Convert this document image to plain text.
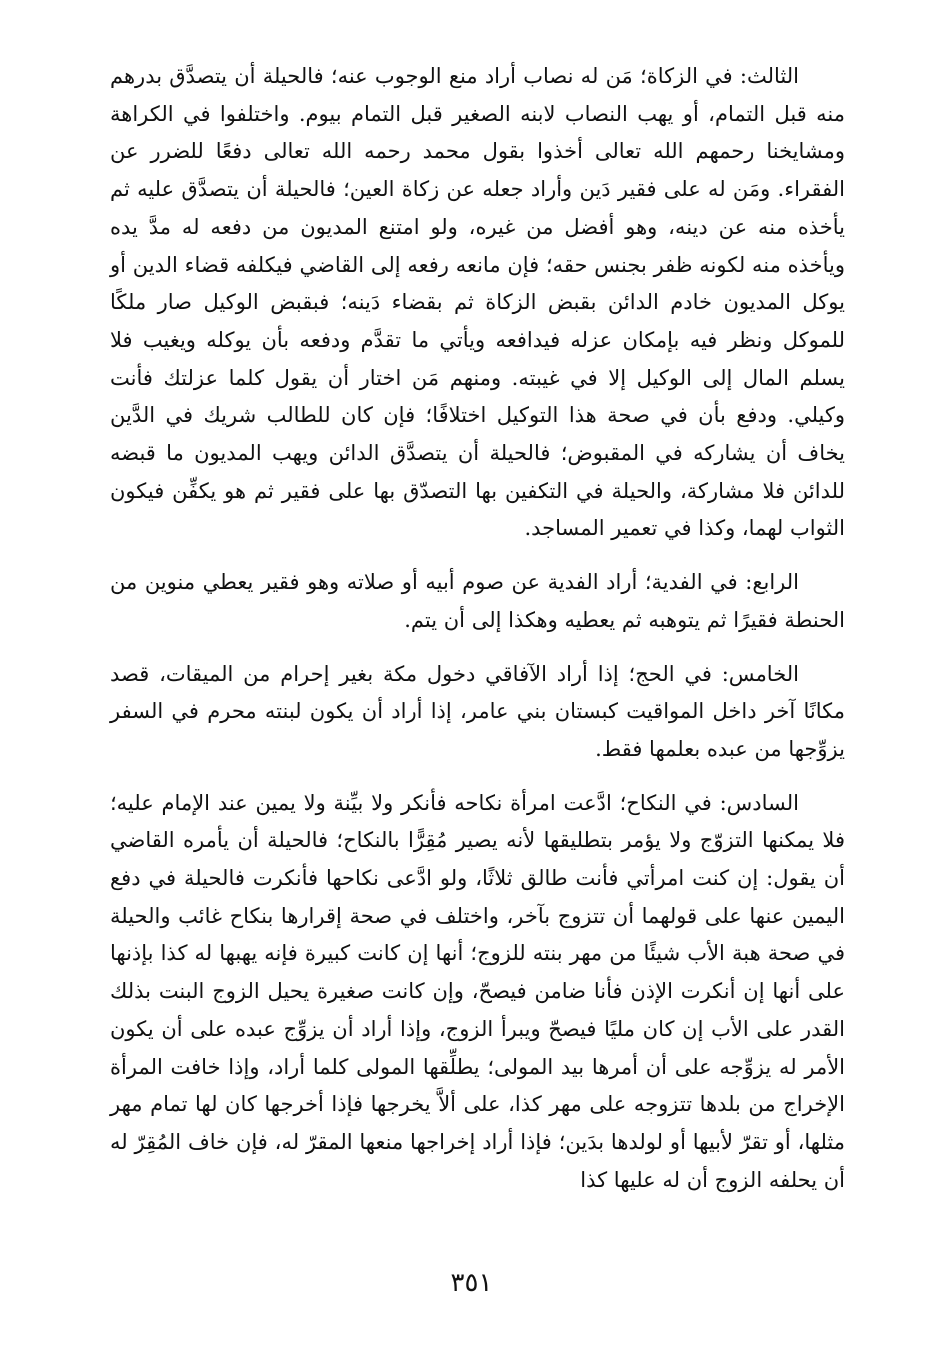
الثالث: في الزكاة؛ مَن له نصاب أراد منع الوجوب عنه؛ فالحيلة أن يتصدَّق بدرهم منه قبل التمام، أو يهب النصاب لابنه الصغير قبل التمام بيوم. واختلفوا في الكراهة ومشايخنا رحمهم الله تعالى أخذوا بقول محمد رحمه الله تعالى دفعًا للضرر عن الفقراء. ومَن له على فقير دَين وأراد جعله عن زكاة العين؛ فالحيلة أن يتصدَّق عليه ثم يأخذه منه عن دينه، وهو أفضل من غيره، ولو امتنع المديون من دفعه له مدَّ يده ويأخذه منه لكونه ظفر بجنس حقه؛ فإن مانعه رفعه إلى القاضي فيكلفه قضاء الدين أو يوكل المديون خادم الدائن بقبض الزكاة ثم بقضاء دَينه؛ فبقبض الوكيل صار ملكًا للموكل ونظر فيه بإمكان عزله فيدافعه ويأتي ما تقدَّم ودفعه بأن يوكله ويغيب فلا يسلم المال إلى الوكيل إلا في غيبته. ومنهم مَن اختار أن يقول كلما عزلتك فأنت وكيلي. ودفع بأن في صحة هذا التوكيل اختلافًا؛ فإن كان للطالب شريك في الدَّين يخاف أن يشاركه في المقبوض؛ فالحيلة أن يتصدَّق الدائن ويهب المديون ما قبضه للدائن فلا مشاركة، والحيلة في التكفين بها التصدّق بها على فقير ثم هو يكفِّن فيكون الثواب لهما، وكذا في تعمير المساجد.

الرابع: في الفدية؛ أراد الفدية عن صوم أبيه أو صلاته وهو فقير يعطي منوين من الحنطة فقيرًا ثم يتوهبه ثم يعطيه وهكذا إلى أن يتم.

الخامس: في الحج؛ إذا أراد الآفاقي دخول مكة بغير إحرام من الميقات، قصد مكانًا آخر داخل المواقيت كبستان بني عامر، إذا أراد أن يكون لبنته محرم في السفر يزوِّجها من عبده بعلمها فقط.

السادس: في النكاح؛ ادَّعت امرأة نكاحه فأنكر ولا بيِّنة ولا يمين عند الإمام عليه؛ فلا يمكنها التزوّج ولا يؤمر بتطليقها لأنه يصير مُقِرًّا بالنكاح؛ فالحيلة أن يأمره القاضي أن يقول: إن كنت امرأتي فأنت طالق ثلاثًا، ولو ادَّعى نكاحها فأنكرت فالحيلة في دفع اليمين عنها على قولهما أن تتزوج بآخر، واختلف في صحة إقرارها بنكاح غائب والحيلة في صحة هبة الأب شيئًا من مهر بنته للزوج؛ أنها إن كانت كبيرة فإنه يهبها له كذا بإذنها على أنها إن أنكرت الإذن فأنا ضامن فيصحّ، وإن كانت صغيرة يحيل الزوج البنت بذلك القدر على الأب إن كان مليًا فيصحّ ويبرأ الزوج، وإذا أراد أن يزوِّج عبده على أن يكون الأمر له يزوِّجه على أن أمرها بيد المولى؛ يطلِّقها المولى كلما أراد، وإذا خافت المرأة الإخراج من بلدها تتزوجه على مهر كذا، على ألاَّ يخرجها فإذا أخرجها كان لها تمام مهر مثلها، أو تقرّ لأبيها أو لولدها بدَين؛ فإذا أراد إخراجها منعها المقرّ له، فإن خاف المُقِرّ له أن يحلفه الزوج أن له عليها كذا

٣٥١
